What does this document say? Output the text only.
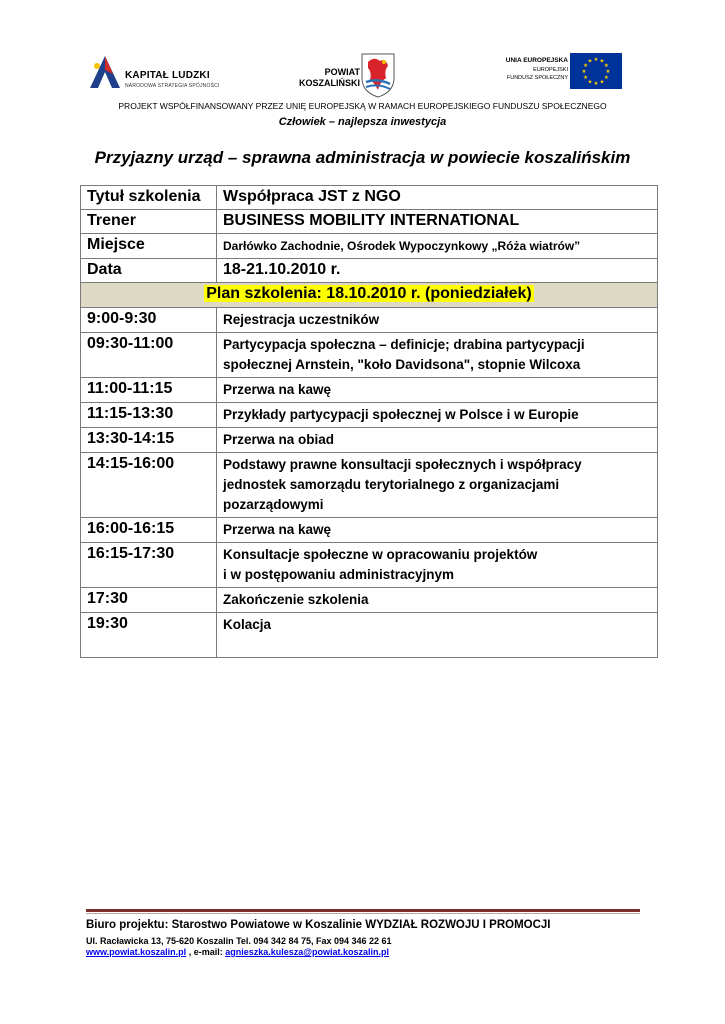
KAPITAŁ LUDZKI
NARODOWA STRATEGIA SPÓJNOŚCI
POWIAT
KOSZALIŃSKI
UNIA EUROPEJSKA
EUROPEJSKI
FUNDUSZ SPOŁECZNY
★ ★
★
★
★
★
★
★
★
★
★
★
PROJEKT WSPÓŁFINANSOWANY PRZEZ UNIĘ EUROPEJSKĄ W RAMACH EUROPEJSKIEGO FUNDUSZU SPOŁECZNEGO
Człowiek – najlepsza inwestycja
Przyjazny urząd – sprawna administracja w powiecie koszalińskim
Tytuł szkolenia	Współpraca JST z NGO
Trener	BUSINESS MOBILITY INTERNATIONAL
Miejsce	Darłówko Zachodnie, Ośrodek Wypoczynkowy „Róża wiatrów”
Data	18-21.10.2010 r.
Plan szkolenia: 18.10.2010 r. (poniedziałek)	
9:00-9:30	Rejestracja uczestników

09:30-11:00	Partycypacja społeczna – definicje; drabina partycypacji
społecznej Arnstein, "koło Davidsona", stopnie Wilcoxa

11:00-11:15	Przerwa na kawę

11:15-13:30	Przykłady partycypacji społecznej w Polsce i w Europie

13:30-14:15	Przerwa na obiad

14:15-16:00	Podstawy prawne konsultacji społecznych i współpracy
jednostek samorządu terytorialnego z organizacjami
pozarządowymi

16:00-16:15	Przerwa na kawę

16:15-17:30	Konsultacje społeczne w opracowaniu projektów
i w postępowaniu administracyjnym

17:30	Zakończenie szkolenia

19:30	Kolacja
Biuro projektu: Starostwo Powiatowe w Koszalinie WYDZIAŁ ROZWOJU I PROMOCJI
Ul. Racławicka 13, 75-620 Koszalin Tel. 094 342 84 75, Fax 094 346 22 61
www.powiat.koszalin.pl , e-mail: agnieszka.kulesza@powiat.koszalin.pl
